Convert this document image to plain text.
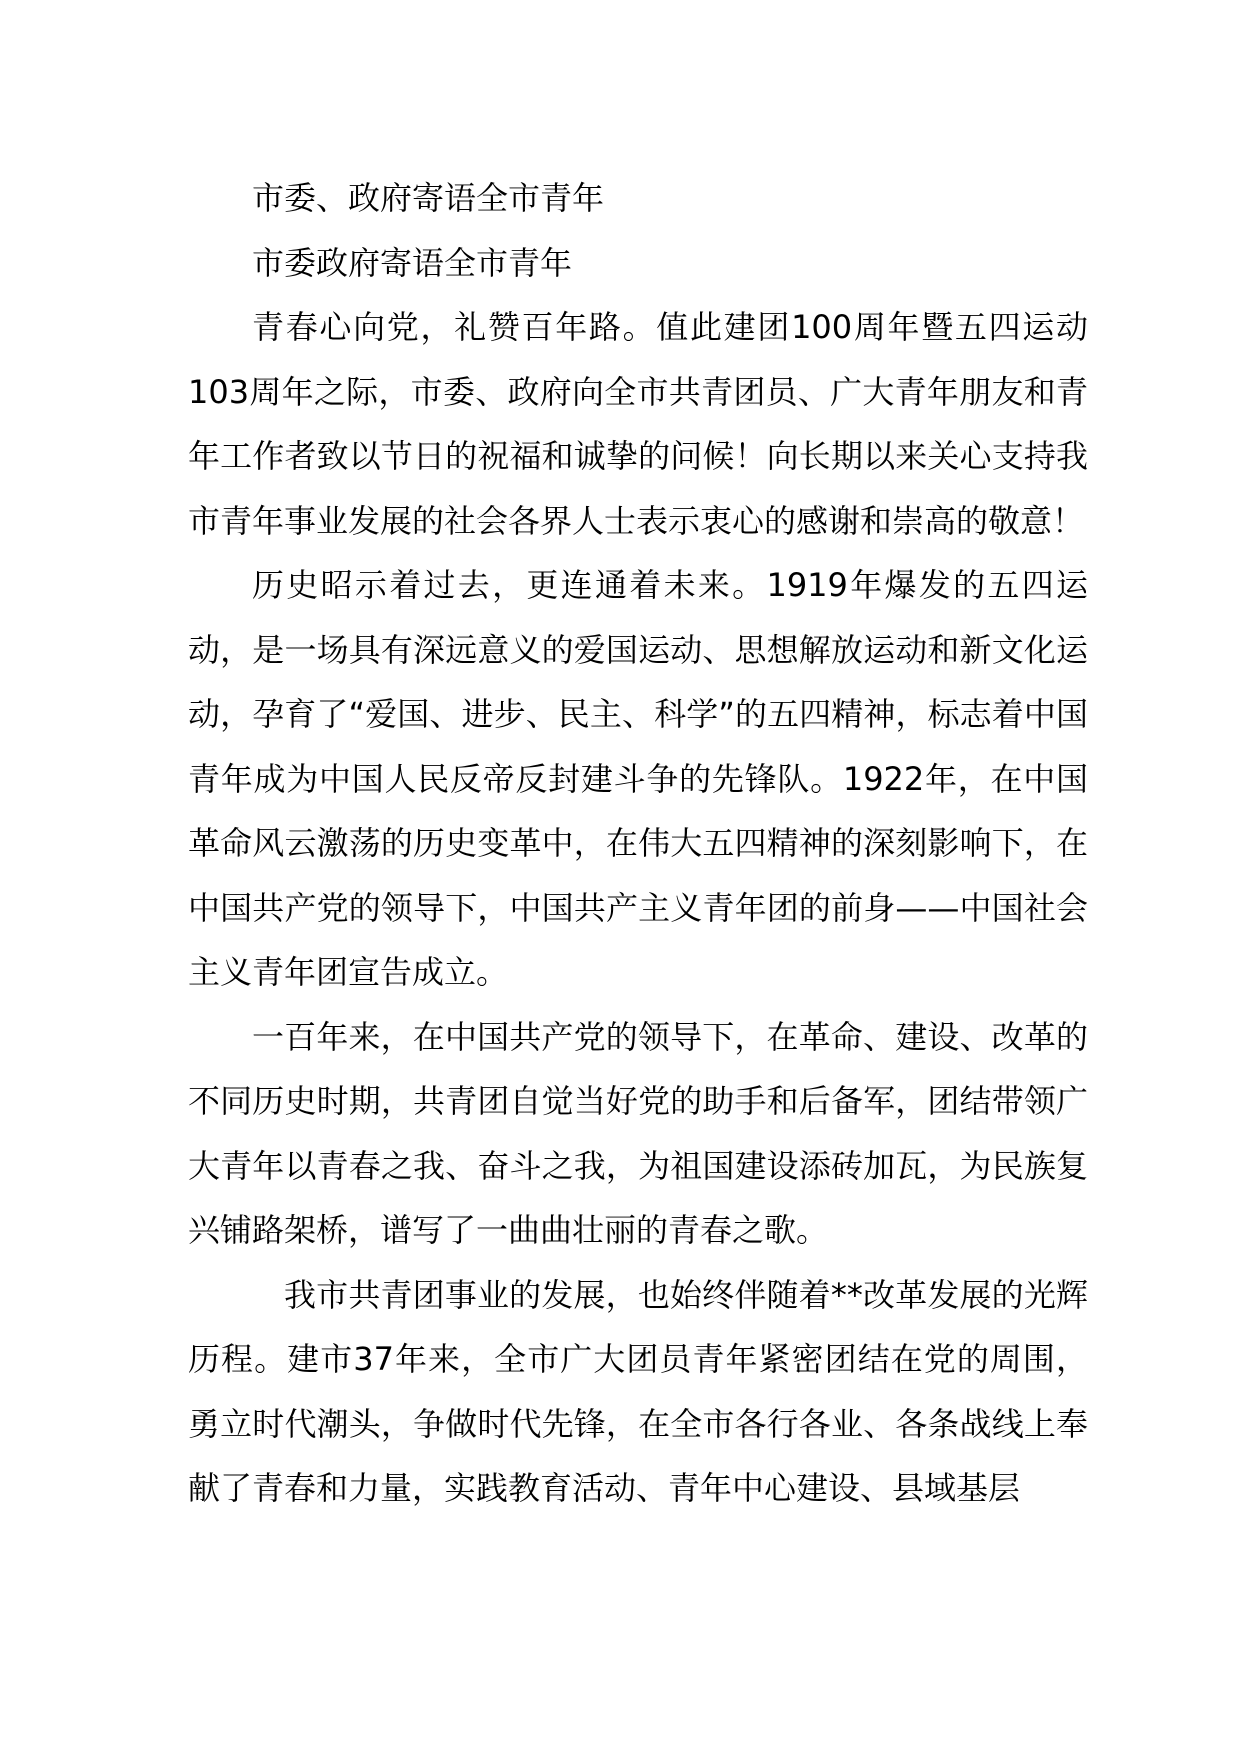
市委、政府寄语全市青年

市委政府寄语全市青年

青春心向党，礼赞百年路。值此建团100周年暨五四运动103周年之际，市委、政府向全市共青团员、广大青年朋友和青年工作者致以节日的祝福和诚挚的问候！向长期以来关心支持我市青年事业发展的社会各界人士表示衷心的感谢和崇高的敬意！

历史昭示着过去，更连通着未来。1919年爆发的五四运动，是一场具有深远意义的爱国运动、思想解放运动和新文化运动，孕育了“爱国、进步、民主、科学”的五四精神，标志着中国青年成为中国人民反帝反封建斗争的先锋队。1922年，在中国革命风云激荡的历史变革中，在伟大五四精神的深刻影响下，在中国共产党的领导下，中国共产主义青年团的前身——中国社会主义青年团宣告成立。

一百年来，在中国共产党的领导下，在革命、建设、改革的不同历史时期，共青团自觉当好党的助手和后备军，团结带领广大青年以青春之我、奋斗之我，为祖国建设添砖加瓦，为民族复兴铺路架桥，谱写了一曲曲壮丽的青春之歌。

我市共青团事业的发展，也始终伴随着**改革发展的光辉历程。建市37年来，全市广大团员青年紧密团结在党的周围，勇立时代潮头，争做时代先锋，在全市各行各业、各条战线上奉献了青春和力量，实践教育活动、青年中心建设、县域基层
